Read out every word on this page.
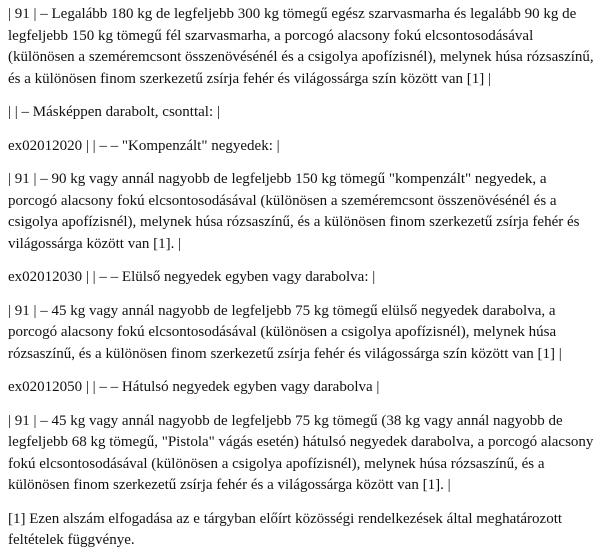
| 91 | – Legalább 180 kg de legfeljebb 300 kg tömegű egész szarvasmarha és legalább 90 kg de legfeljebb 150 kg tömegű fél szarvasmarha, a porcogó alacsony fokú elcsontosodásával (különösen a szeméremcsont összenövésénél és a csigolya apofízisnél), melynek húsa rózsaszínű, és a különösen finom szerkezetű zsírja fehér és világossárga szín között van [1] |

| | – Másképpen darabolt, csonttal: |

ex02012020 | | – – "Kompenzált" negyedek: |

| 91 | – 90 kg vagy annál nagyobb de legfeljebb 150 kg tömegű "kompenzált" negyedek, a porcogó alacsony fokú elcsontosodásával (különösen a szeméremcsont összenövésénél és a csigolya apofízisnél), melynek húsa rózsaszínű, és a különösen finom szerkezetű zsírja fehér és világossárga között van [1]. |

ex02012030 | | – – Elülső negyedek egyben vagy darabolva: |

| 91 | – 45 kg vagy annál nagyobb de legfeljebb 75 kg tömegű elülső negyedek darabolva, a porcogó alacsony fokú elcsontosodásával (különösen a csigolya apofízisnél), melynek húsa rózsaszínű, és a különösen finom szerkezetű zsírja fehér és világossárga szín között van [1] |

ex02012050 | | – – Hátulsó negyedek egyben vagy darabolva |

| 91 | – 45 kg vagy annál nagyobb de legfeljebb 75 kg tömegű (38 kg vagy annál nagyobb de legfeljebb 68 kg tömegű, "Pistola" vágás esetén) hátulsó negyedek darabolva, a porcogó alacsony fokú elcsontosodásával (különösen a csigolya apofízisnél), melynek húsa rózsaszínű, és a különösen finom szerkezetű zsírja fehér és a világossárga között van [1]. |

[1] Ezen alszám elfogadása az e tárgyban előírt közösségi rendelkezések által meghatározott feltételek függvénye.
